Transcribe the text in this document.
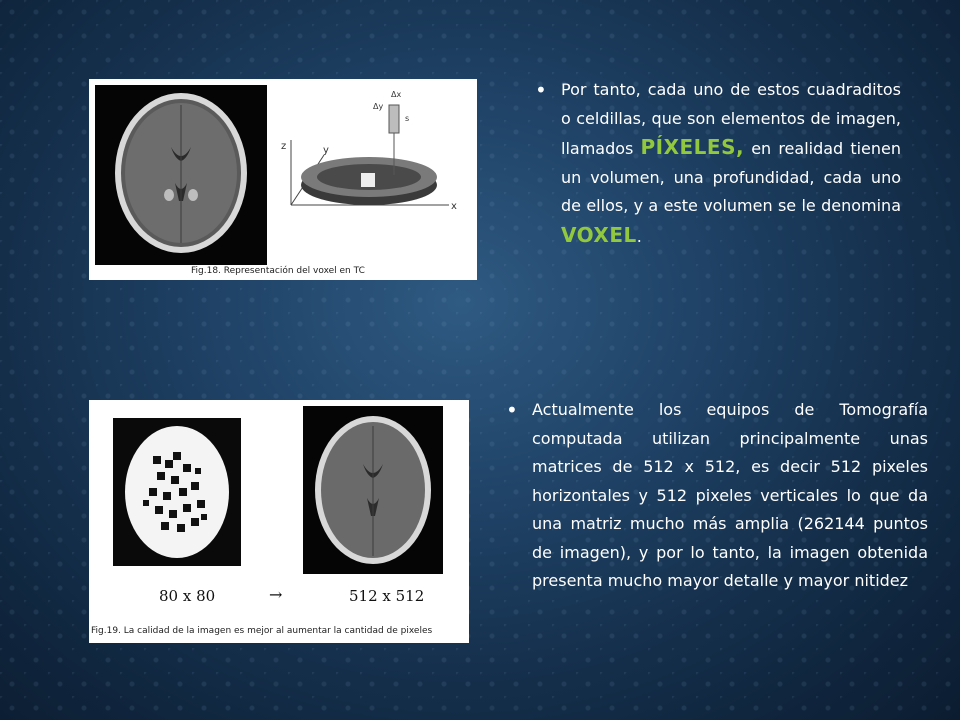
Fig.18. Representación del voxel en TC
z	y
x
Δx
Δy
s
80 x 80	→	512 x 512
Fig.19. La calidad de la imagen es mejor al aumentar la cantidad de pixeles
• Por tanto, cada uno de estos cuadraditos o celdillas, que son elementos de imagen, llamados PÍXELES, en realidad tienen un volumen, una profundidad, cada uno de ellos, y a este volumen se le denomina VOXEL.
• Actualmente los equipos de Tomografía computada utilizan principalmente unas matrices de 512 x 512, es decir 512 pixeles horizontales y 512 pixeles verticales lo que da una matriz mucho más amplia (262144 puntos de imagen), y por lo tanto, la imagen obtenida presenta mucho mayor detalle y mayor nitidez
